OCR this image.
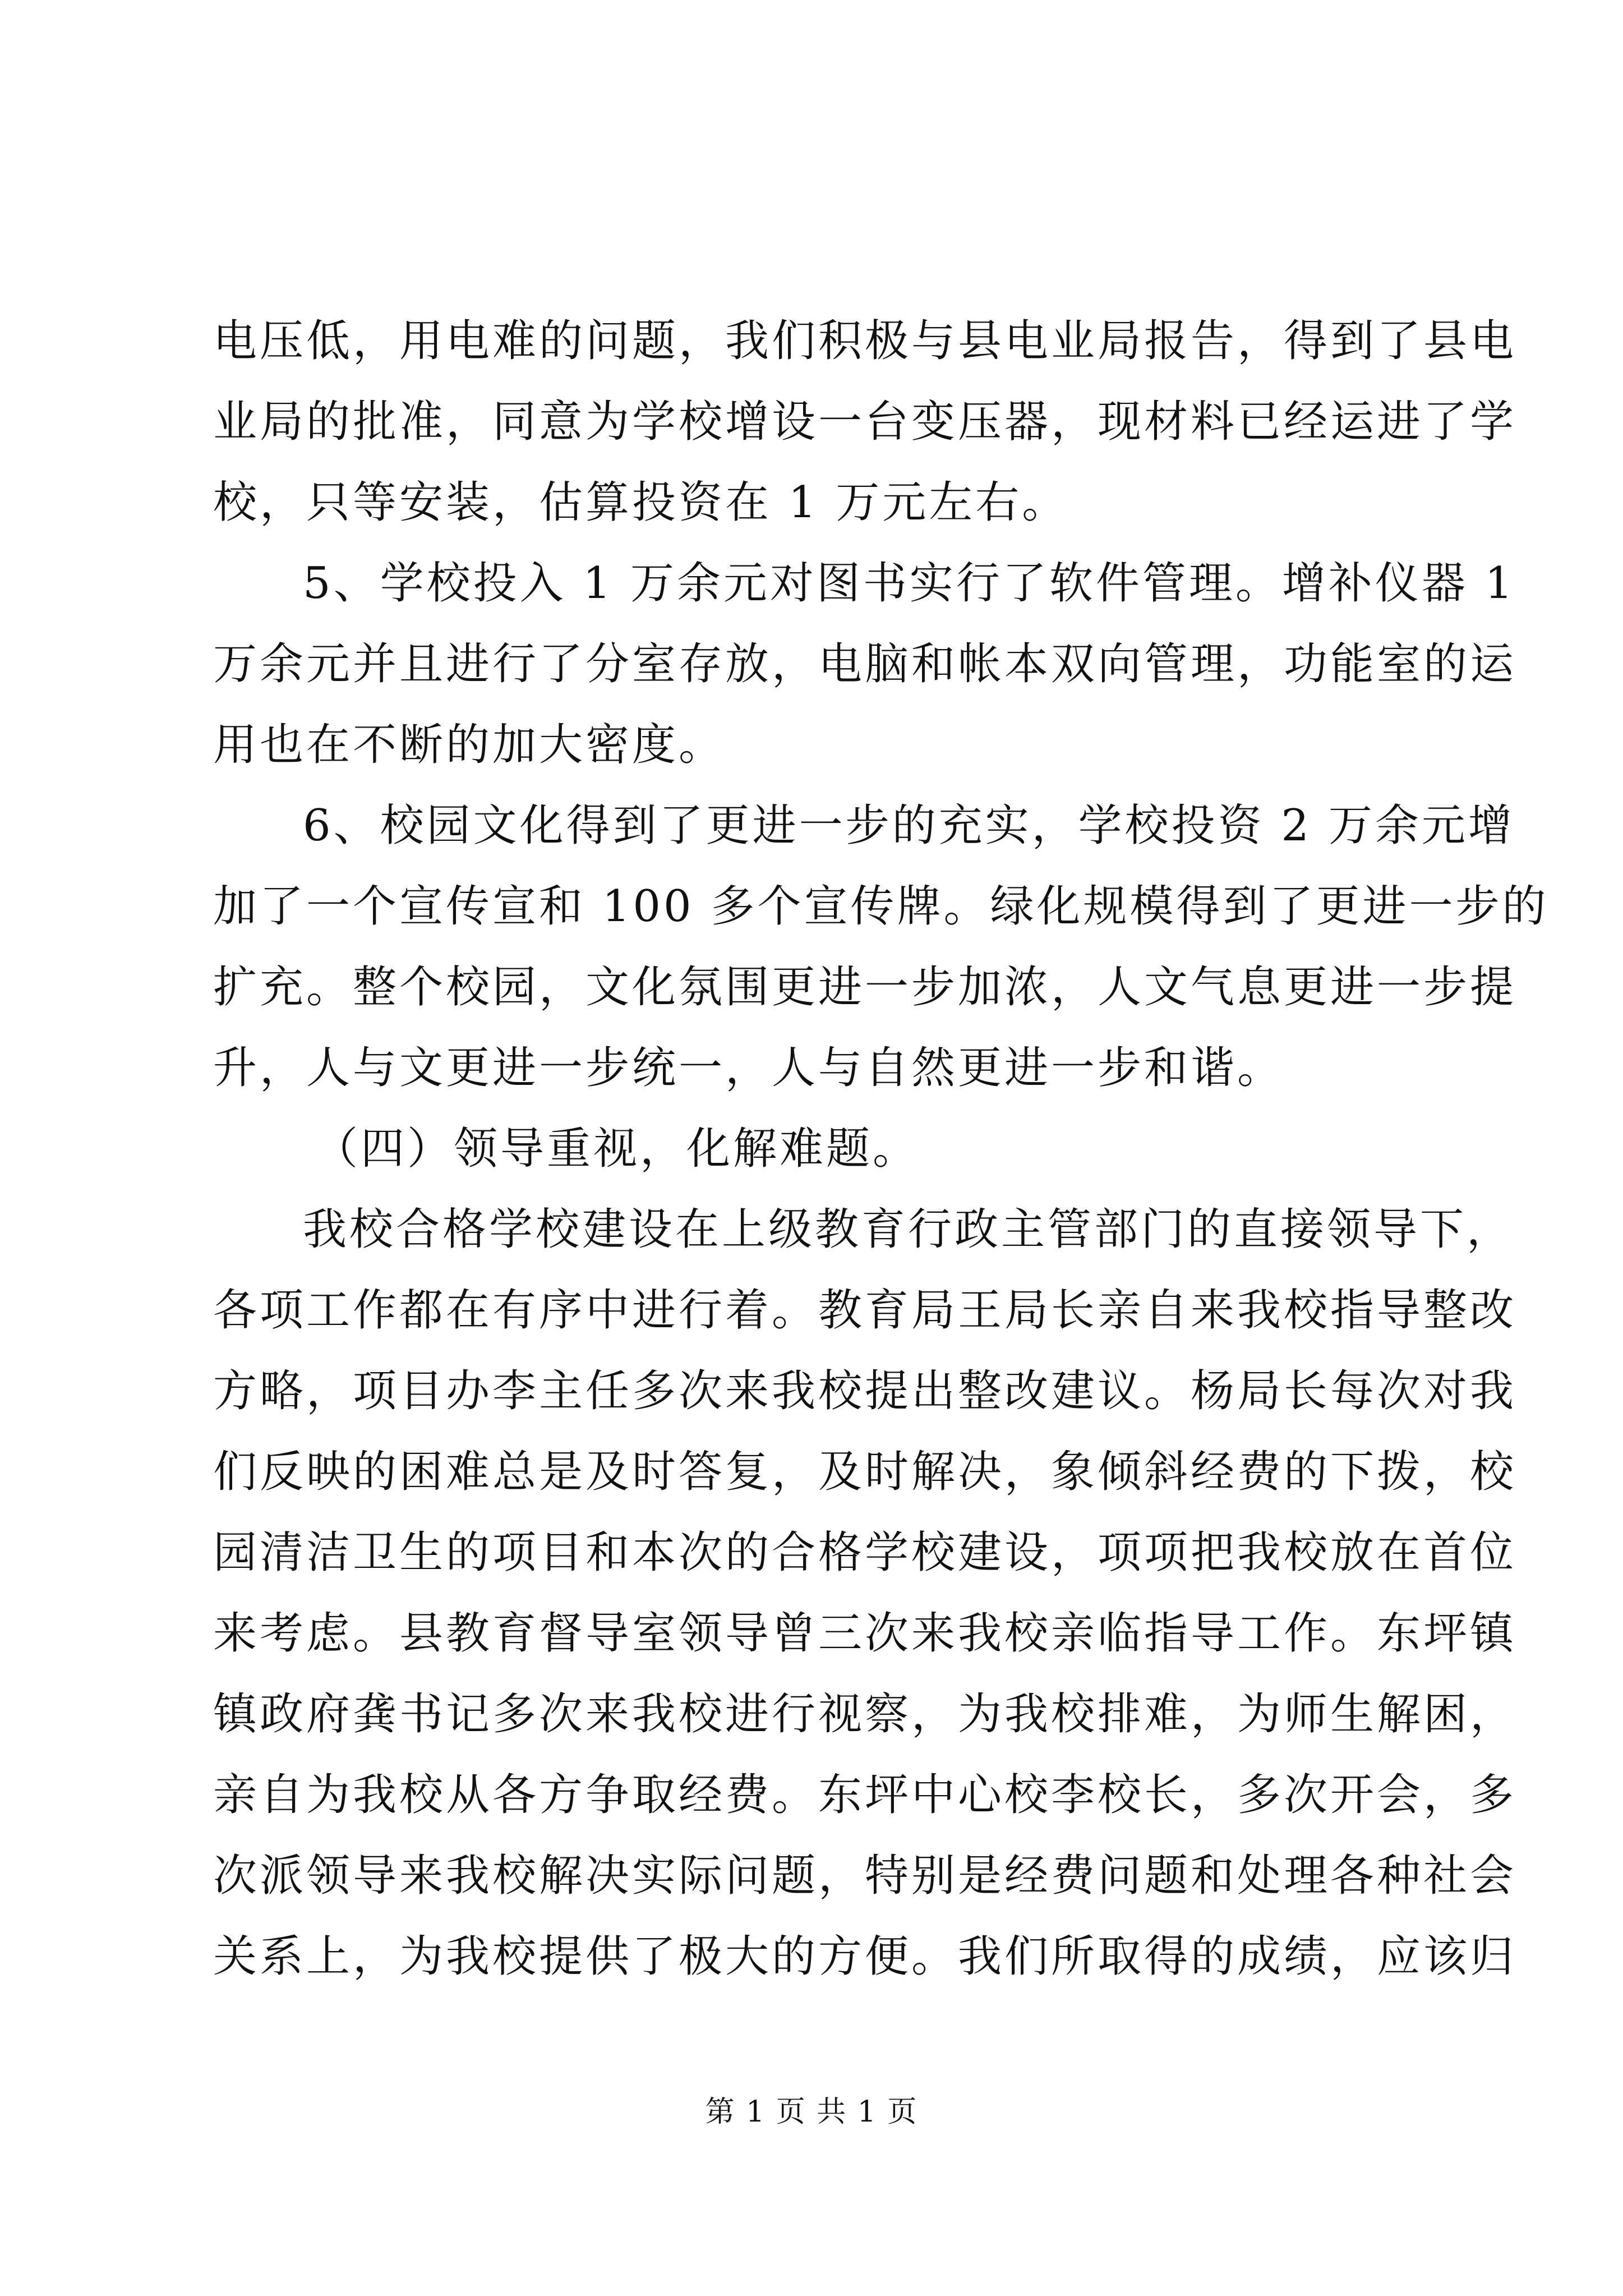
电压低，用电难的问题，我们积极与县电业局报告，得到了县电
业局的批准，同意为学校增设一台变压器，现材料已经运进了学
校，只等安装，估算投资在 1 万元左右。
5、学校投入 1 万余元对图书实行了软件管理。增补仪器 1
万余元并且进行了分室存放，电脑和帐本双向管理，功能室的运
用也在不断的加大密度。
6、校园文化得到了更进一步的充实，学校投资 2 万余元增
加了一个宣传宣和 100 多个宣传牌。绿化规模得到了更进一步的
扩充。整个校园，文化氛围更进一步加浓，人文气息更进一步提
升，人与文更进一步统一，人与自然更进一步和谐。
（四）领导重视，化解难题。
我校合格学校建设在上级教育行政主管部门的直接领导下，
各项工作都在有序中进行着。教育局王局长亲自来我校指导整改
方略，项目办李主任多次来我校提出整改建议。杨局长每次对我
们反映的困难总是及时答复，及时解决，象倾斜经费的下拨，校
园清洁卫生的项目和本次的合格学校建设，项项把我校放在首位
来考虑。县教育督导室领导曾三次来我校亲临指导工作。东坪镇
镇政府龚书记多次来我校进行视察，为我校排难，为师生解困，
亲自为我校从各方争取经费。东坪中心校李校长，多次开会，多
次派领导来我校解决实际问题，特别是经费问题和处理各种社会
关系上，为我校提供了极大的方便。我们所取得的成绩，应该归
第 1 页 共 1 页
